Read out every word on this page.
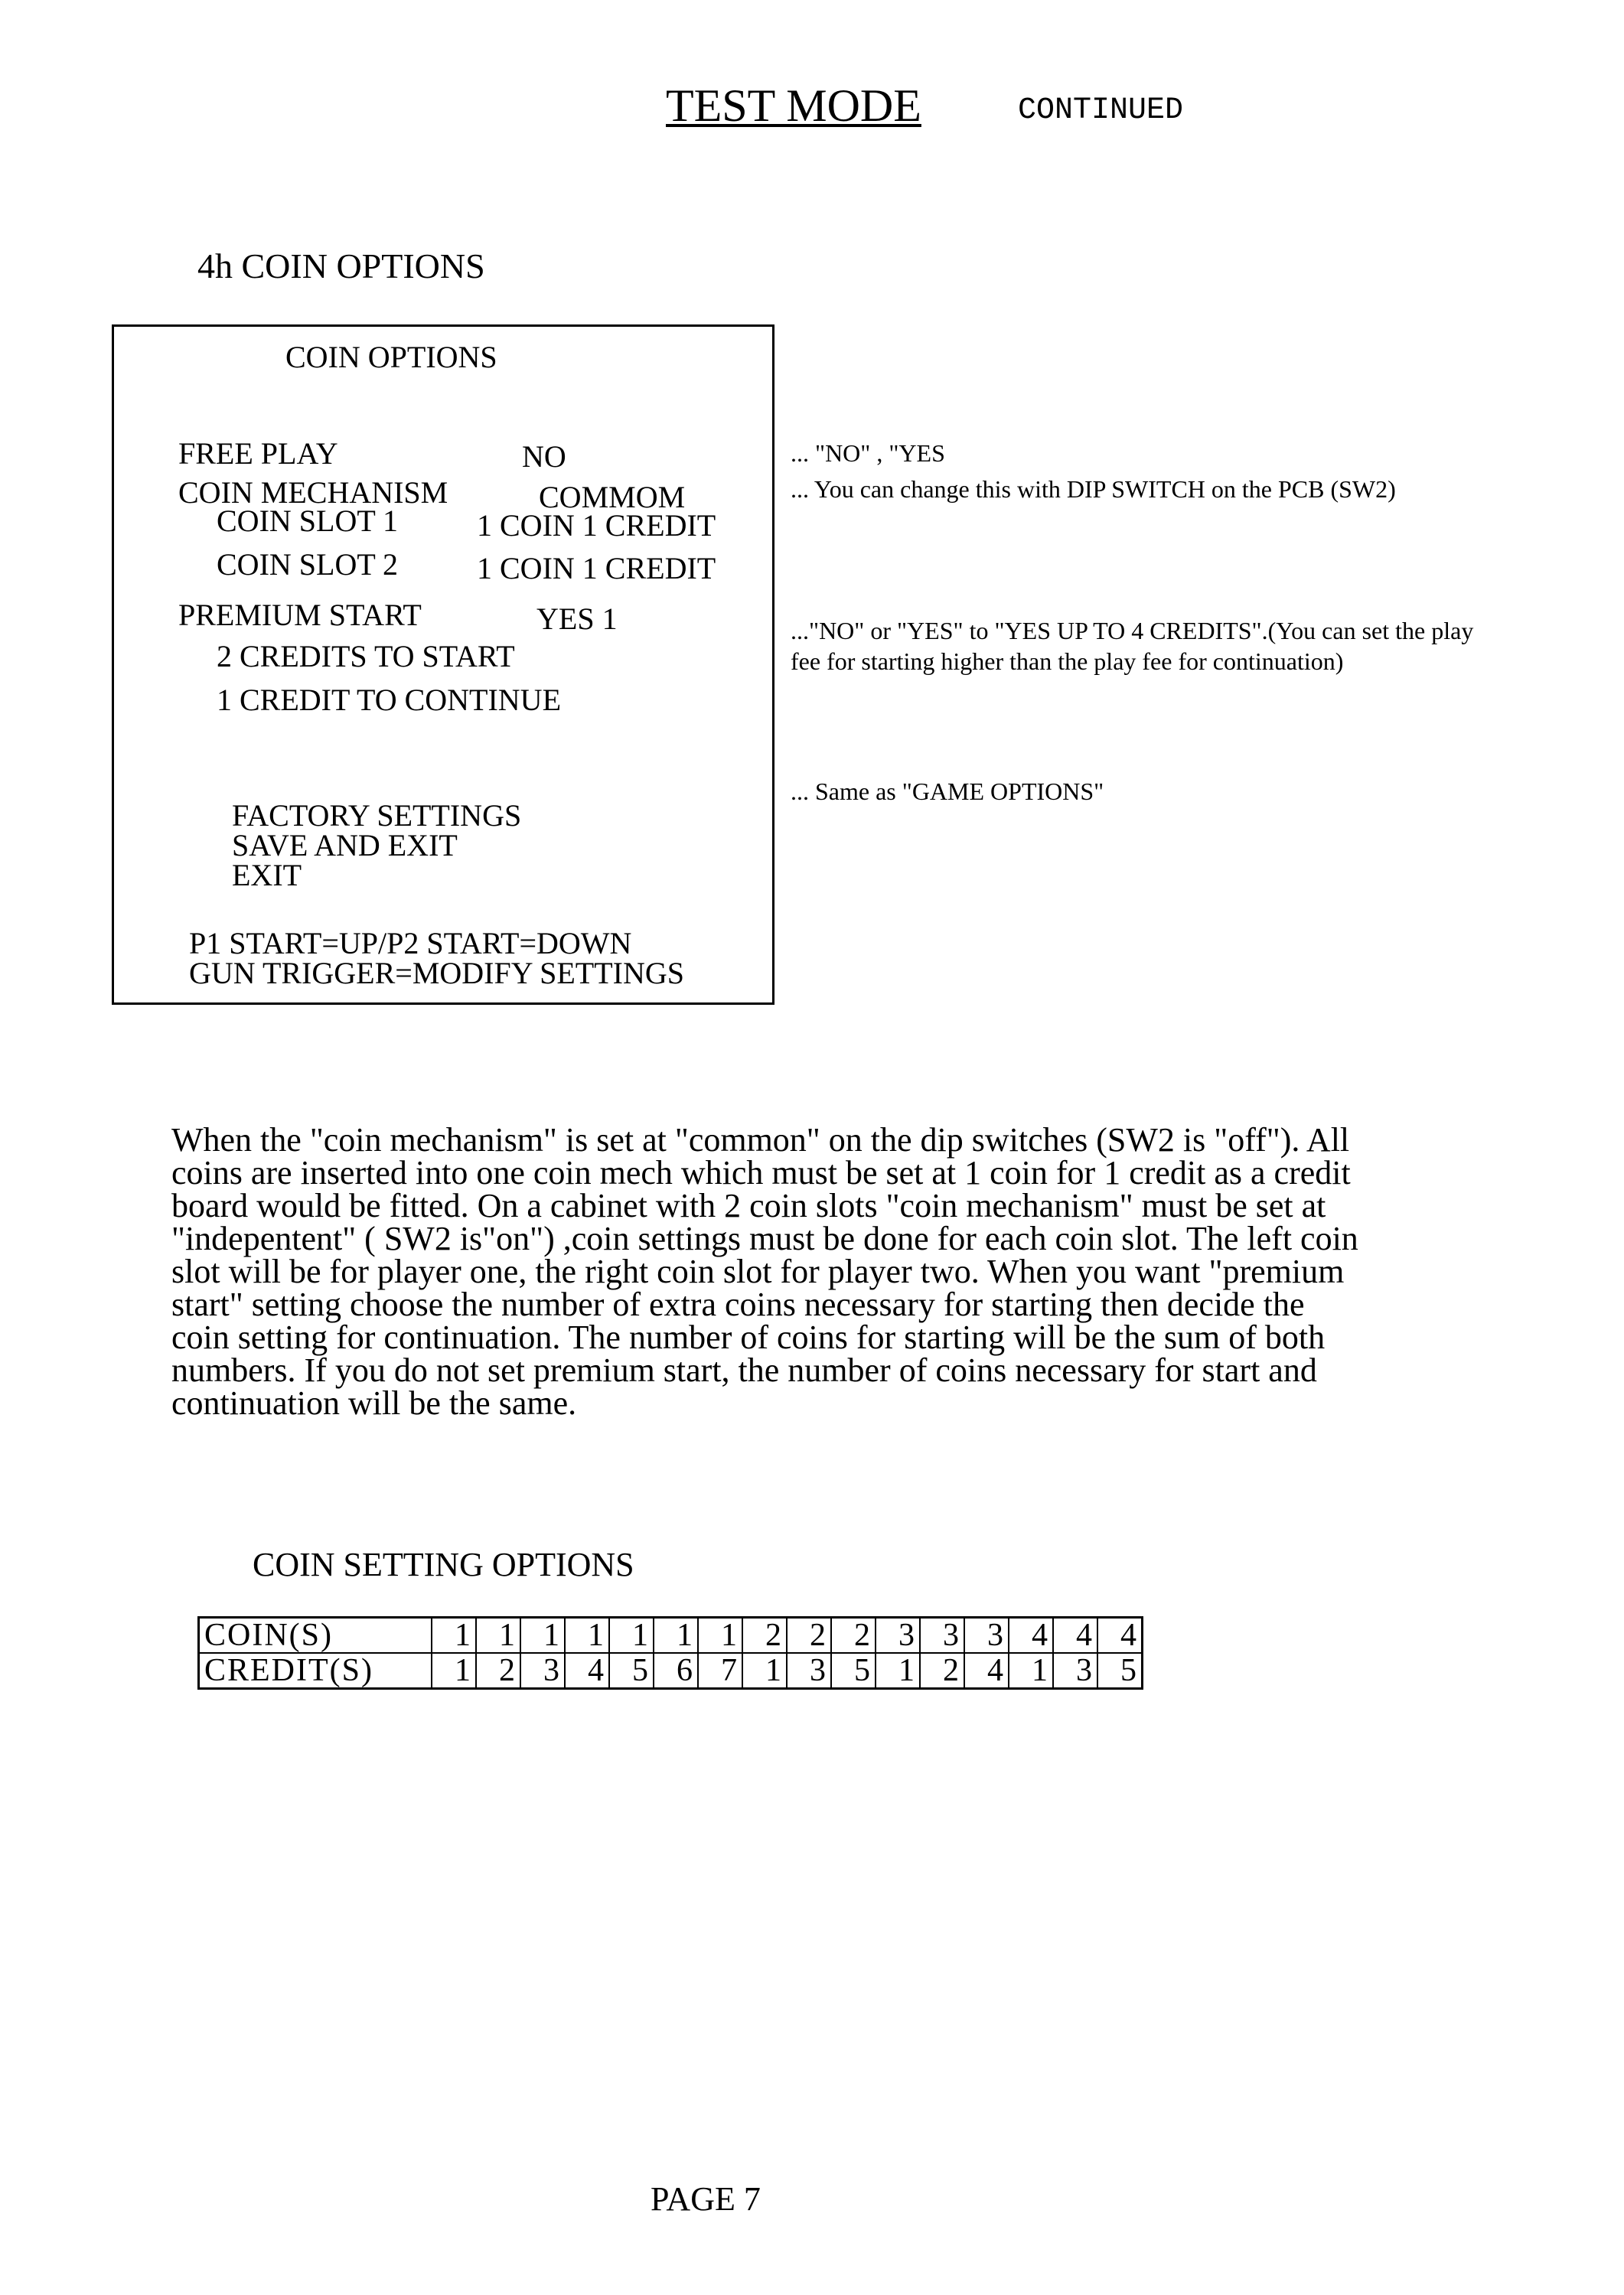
TEST MODE	CONTINUED
4h COIN OPTIONS
COIN OPTIONS
FREE PLAY	NO
COIN MECHANISM	COMMOM
COIN SLOT 1	1 COIN 1 CREDIT
COIN SLOT 2	1 COIN 1 CREDIT
PREMIUM START	YES 1
2 CREDITS TO START
1 CREDIT TO CONTINUE
FACTORY SETTINGS
SAVE AND EXIT
EXIT
P1 START=UP/P2 START=DOWN
GUN TRIGGER=MODIFY SETTINGS
... "NO" , "YES
... You can change this with DIP SWITCH on the PCB (SW2)
..."NO" or "YES" to "YES UP TO 4 CREDITS".(You can set the play
fee for starting higher than the play fee for continuation)
... Same as "GAME OPTIONS"
When the "coin mechanism" is set at "common" on the dip switches (SW2 is "off"). All
coins are inserted into one coin mech which must be set at 1 coin for 1 credit as a credit
board would be fitted. On a cabinet with 2 coin slots "coin mechanism" must be set at
"indepentent" ( SW2 is"on") ,coin settings must be done for each coin slot. The left coin
slot will be for player one, the right coin slot for player two. When you want "premium
start" setting choose the number of extra coins necessary for starting then decide the
coin setting for continuation. The number of coins for starting will be the sum of both
numbers. If you do not set premium start, the number of coins necessary for start and
continuation will be the same.
COIN SETTING OPTIONS
COIN(S)	1	1	1	1	1	1	1	2	2	2	3	3	3	4	4	4
CREDIT(S)	1	2	3	4	5	6	7	1	3	5	1	2	4	1	3	5
PAGE 7
